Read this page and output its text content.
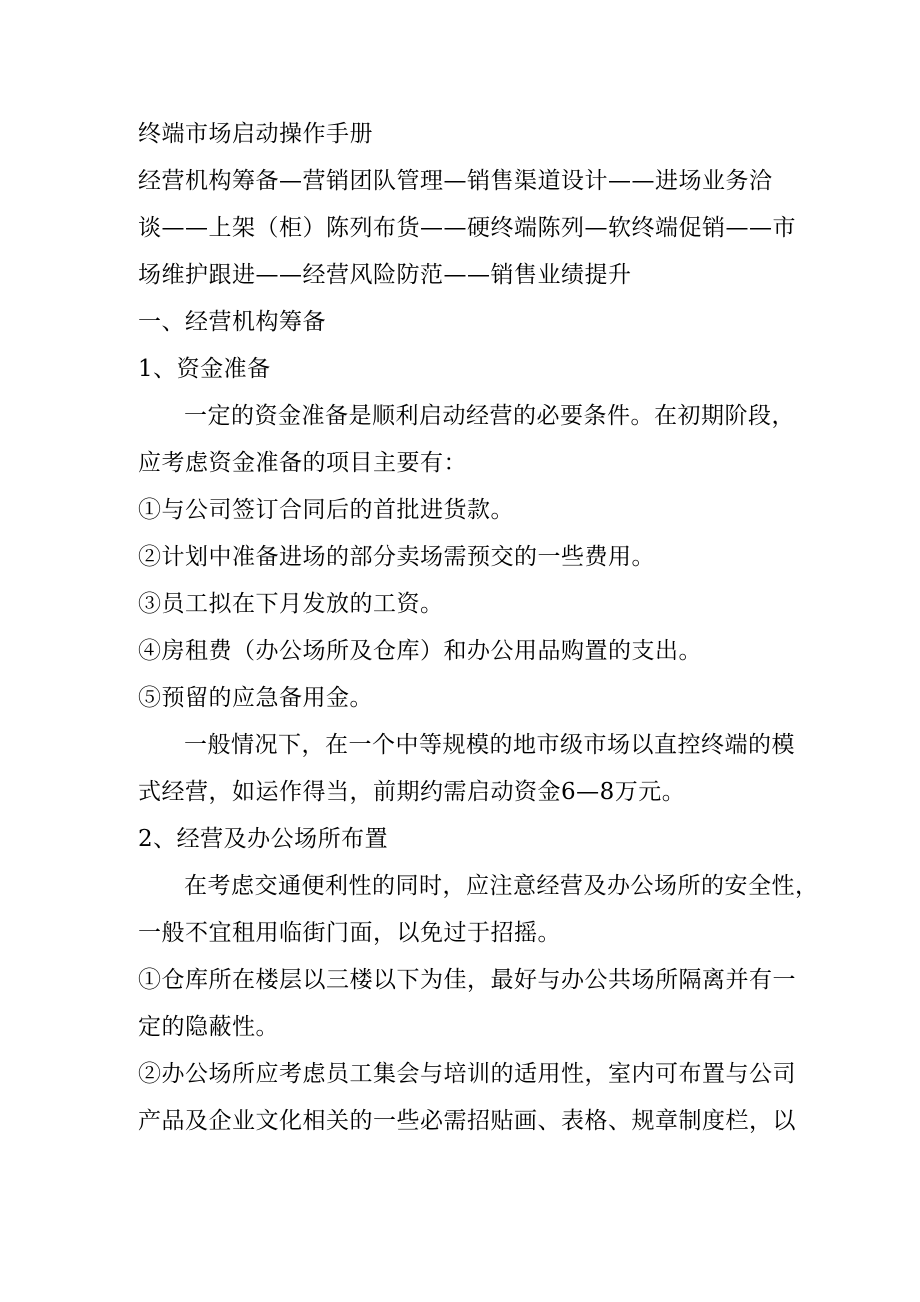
终端市场启动操作手册
经营机构筹备—营销团队管理—销售渠道设计——进场业务洽
谈——上架（柜）陈列布货——硬终端陈列—软终端促销——市
场维护跟进——经营风险防范——销售业绩提升
一、经营机构筹备
1、资金准备
一定的资金准备是顺利启动经营的必要条件。在初期阶段，
应考虑资金准备的项目主要有：
①与公司签订合同后的首批进货款。
②计划中准备进场的部分卖场需预交的一些费用。
③员工拟在下月发放的工资。
④房租费（办公场所及仓库）和办公用品购置的支出。
⑤预留的应急备用金。
一般情况下，在一个中等规模的地市级市场以直控终端的模
式经营，如运作得当，前期约需启动资金6—8万元。
2、经营及办公场所布置
在考虑交通便利性的同时，应注意经营及办公场所的安全性，
一般不宜租用临街门面，以免过于招摇。
①仓库所在楼层以三楼以下为佳，最好与办公共场所隔离并有一
定的隐蔽性。
②办公场所应考虑员工集会与培训的适用性，室内可布置与公司
产品及企业文化相关的一些必需招贴画、表格、规章制度栏，以
